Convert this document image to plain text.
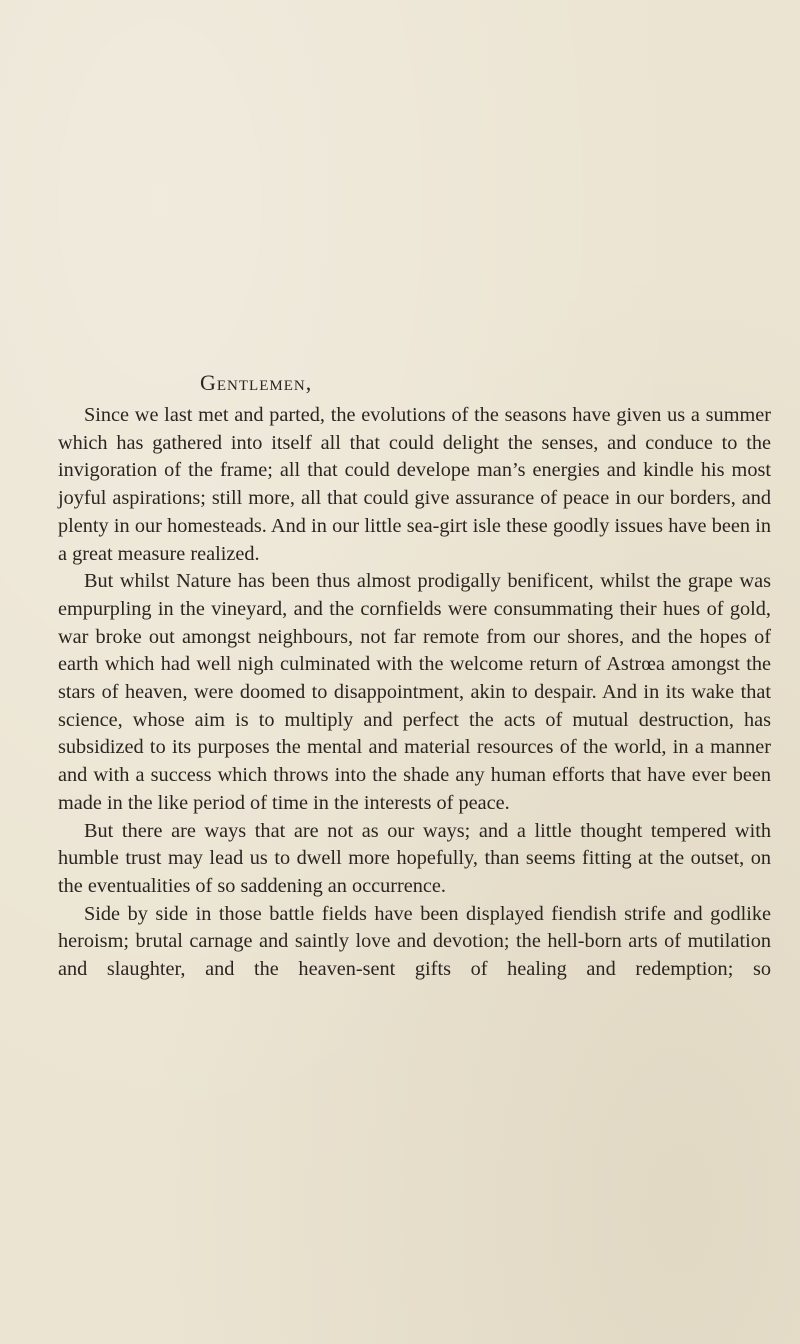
Gentlemen,

Since we last met and parted, the evolutions of the seasons have given us a summer which has gathered into itself all that could delight the senses, and conduce to the invigoration of the frame; all that could develope man’s energies and kindle his most joyful aspirations; still more, all that could give assurance of peace in our borders, and plenty in our homesteads. And in our little sea-girt isle these goodly issues have been in a great measure realized.

But whilst Nature has been thus almost prodigally benificent, whilst the grape was empurpling in the vineyard, and the cornfields were consummating their hues of gold, war broke out amongst neighbours, not far remote from our shores, and the hopes of earth which had well nigh culminated with the welcome return of Astrœa amongst the stars of heaven, were doomed to disappointment, akin to despair. And in its wake that science, whose aim is to multiply and perfect the acts of mutual destruction, has subsidized to its purposes the mental and material resources of the world, in a manner and with a success which throws into the shade any human efforts that have ever been made in the like period of time in the interests of peace.

But there are ways that are not as our ways; and a little thought tempered with humble trust may lead us to dwell more hopefully, than seems fitting at the outset, on the eventualities of so saddening an occurrence.

Side by side in those battle fields have been displayed fiendish strife and godlike heroism; brutal carnage and saintly love and devotion; the hell-born arts of mutilation and slaughter, and the heaven-sent gifts of healing and redemption; so
